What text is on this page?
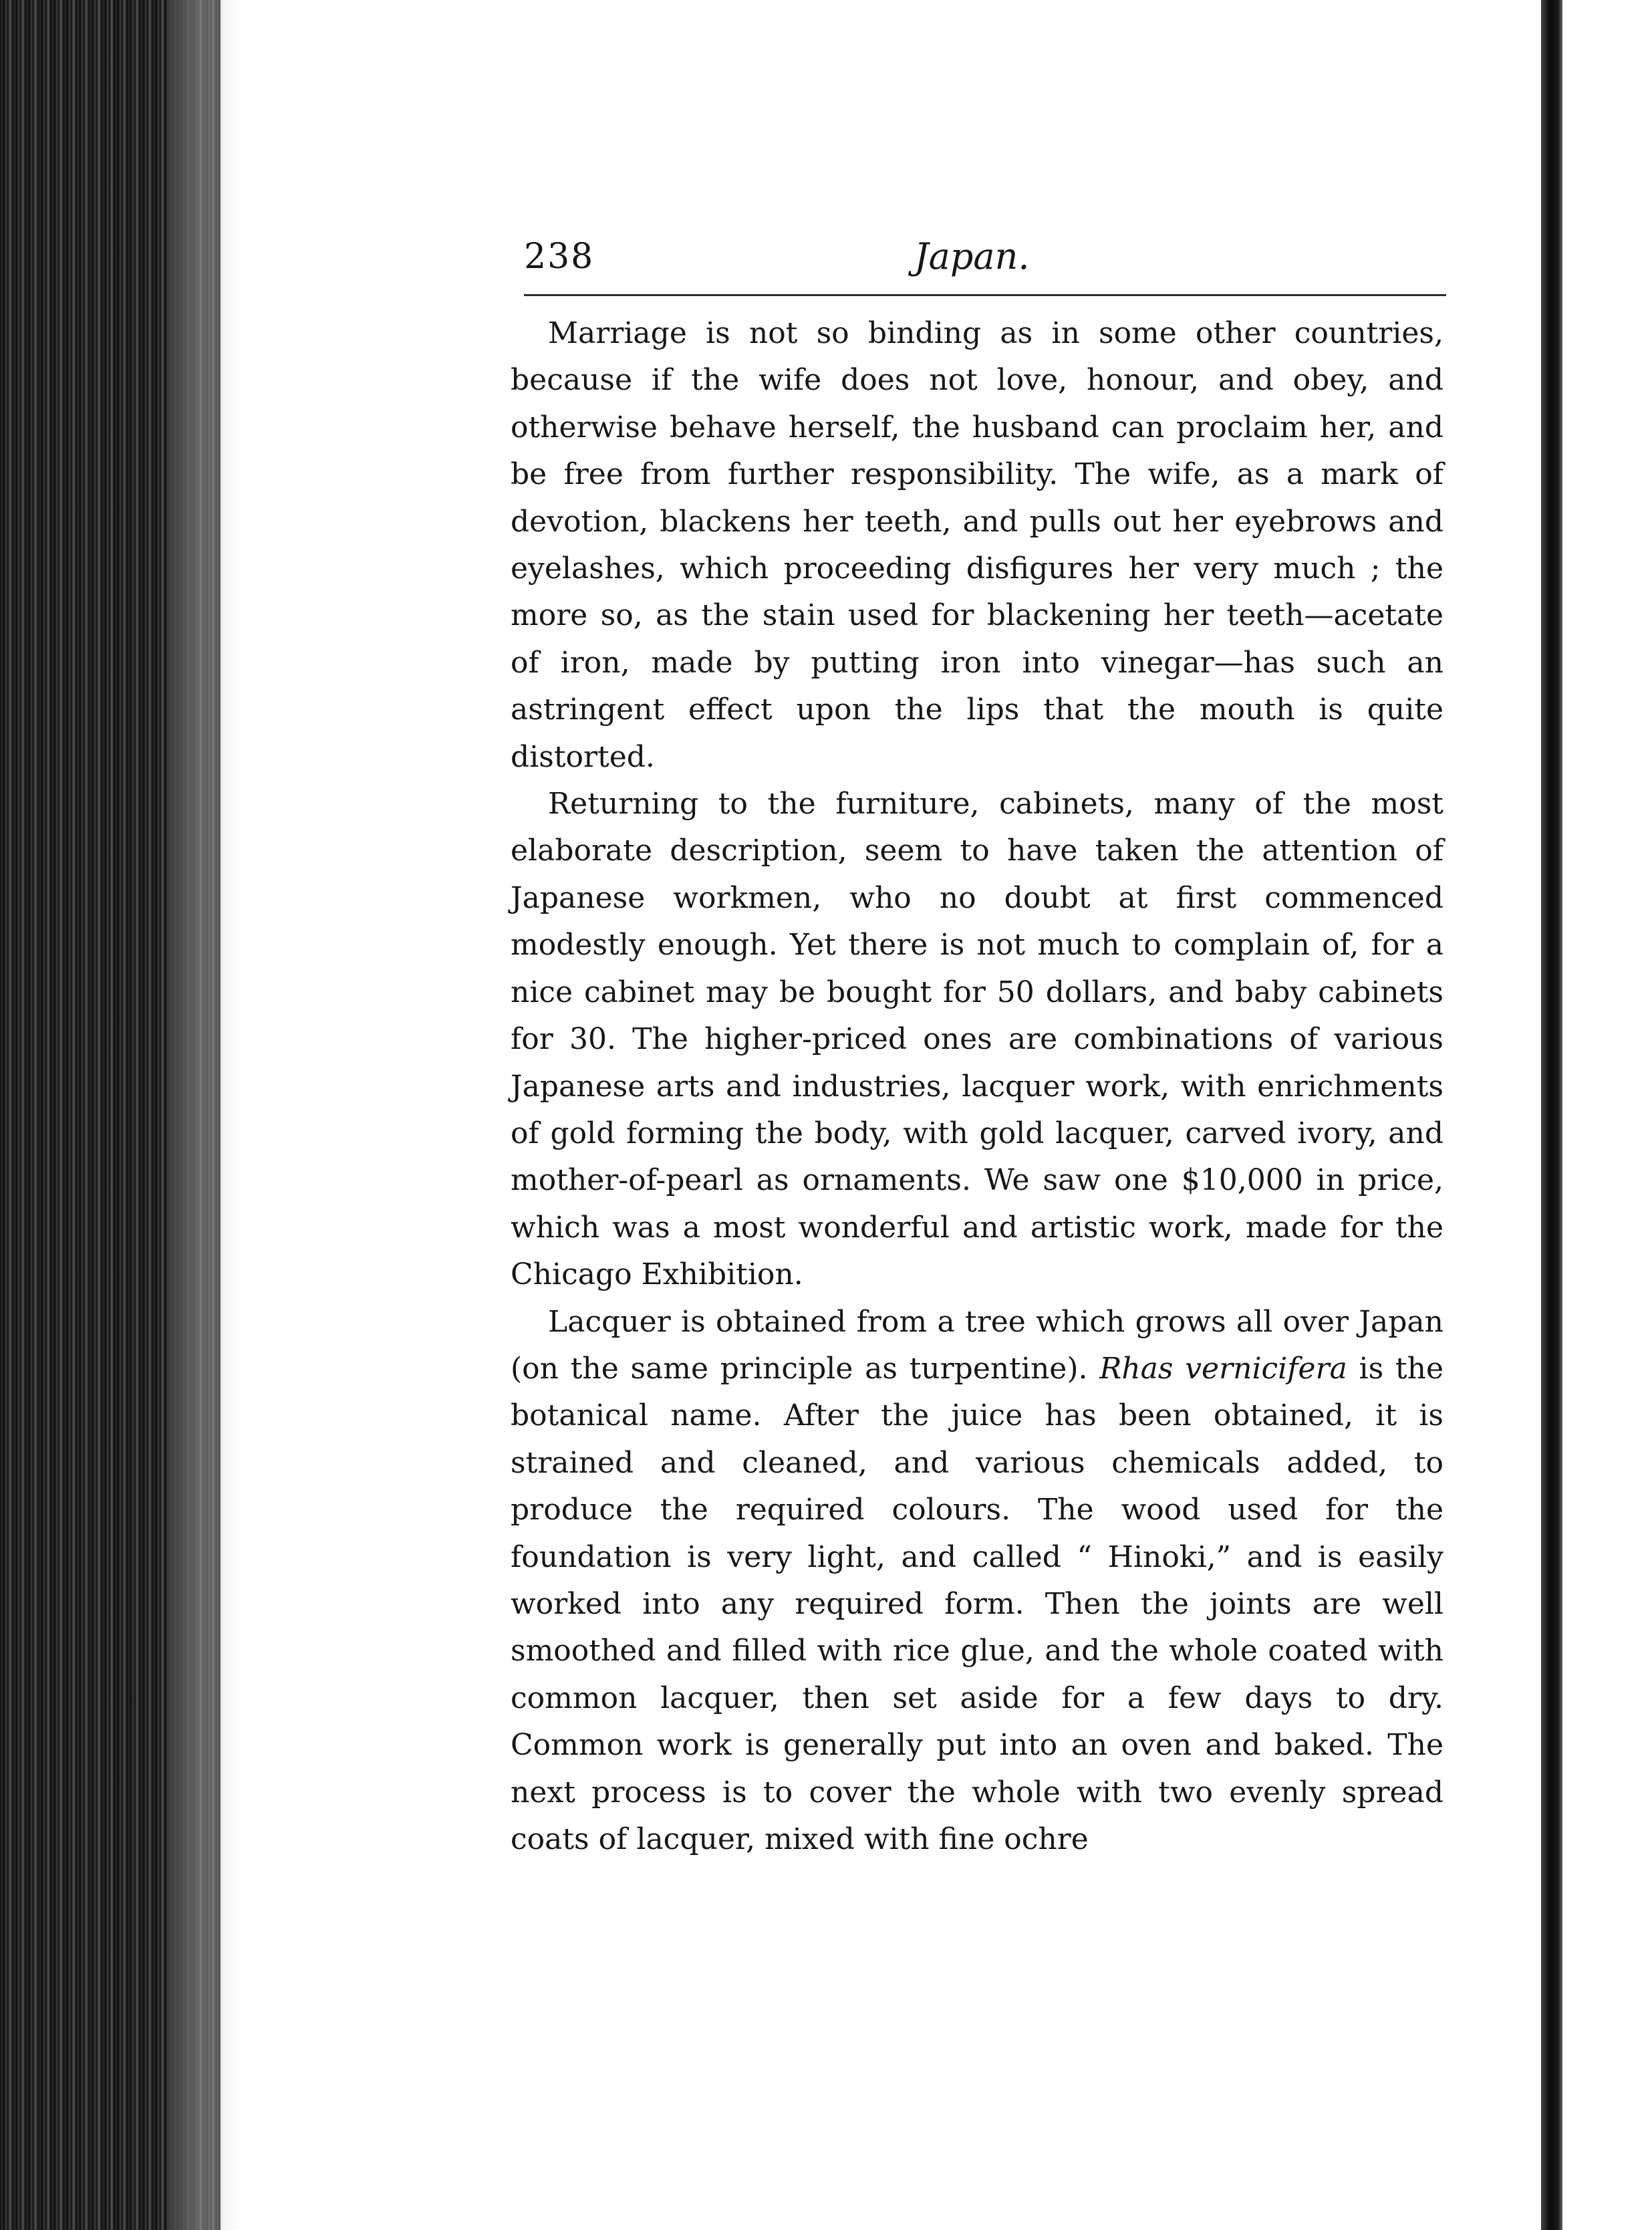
238	Japan.

Marriage is not so binding as in some other countries, because if the wife does not love, honour, and obey, and otherwise behave herself, the husband can proclaim her, and be free from further responsibility. The wife, as a mark of devotion, blackens her teeth, and pulls out her eyebrows and eyelashes, which proceeding disfigures her very much ; the more so, as the stain used for blackening her teeth—acetate of iron, made by putting iron into vinegar—has such an astringent effect upon the lips that the mouth is quite distorted.

Returning to the furniture, cabinets, many of the most elaborate description, seem to have taken the attention of Japanese workmen, who no doubt at first commenced modestly enough. Yet there is not much to complain of, for a nice cabinet may be bought for 50 dollars, and baby cabinets for 30. The higher-priced ones are combinations of various Japanese arts and industries, lacquer work, with enrichments of gold forming the body, with gold lacquer, carved ivory, and mother-of-pearl as ornaments. We saw one $10,000 in price, which was a most wonderful and artistic work, made for the Chicago Exhibition.

Lacquer is obtained from a tree which grows all over Japan (on the same principle as turpentine). Rhas vernicifera is the botanical name. After the juice has been obtained, it is strained and cleaned, and various chemicals added, to produce the required colours. The wood used for the foundation is very light, and called “ Hinoki,” and is easily worked into any required form. Then the joints are well smoothed and filled with rice glue, and the whole coated with common lacquer, then set aside for a few days to dry. Common work is generally put into an oven and baked. The next process is to cover the whole with two evenly spread coats of lacquer, mixed with fine ochre
